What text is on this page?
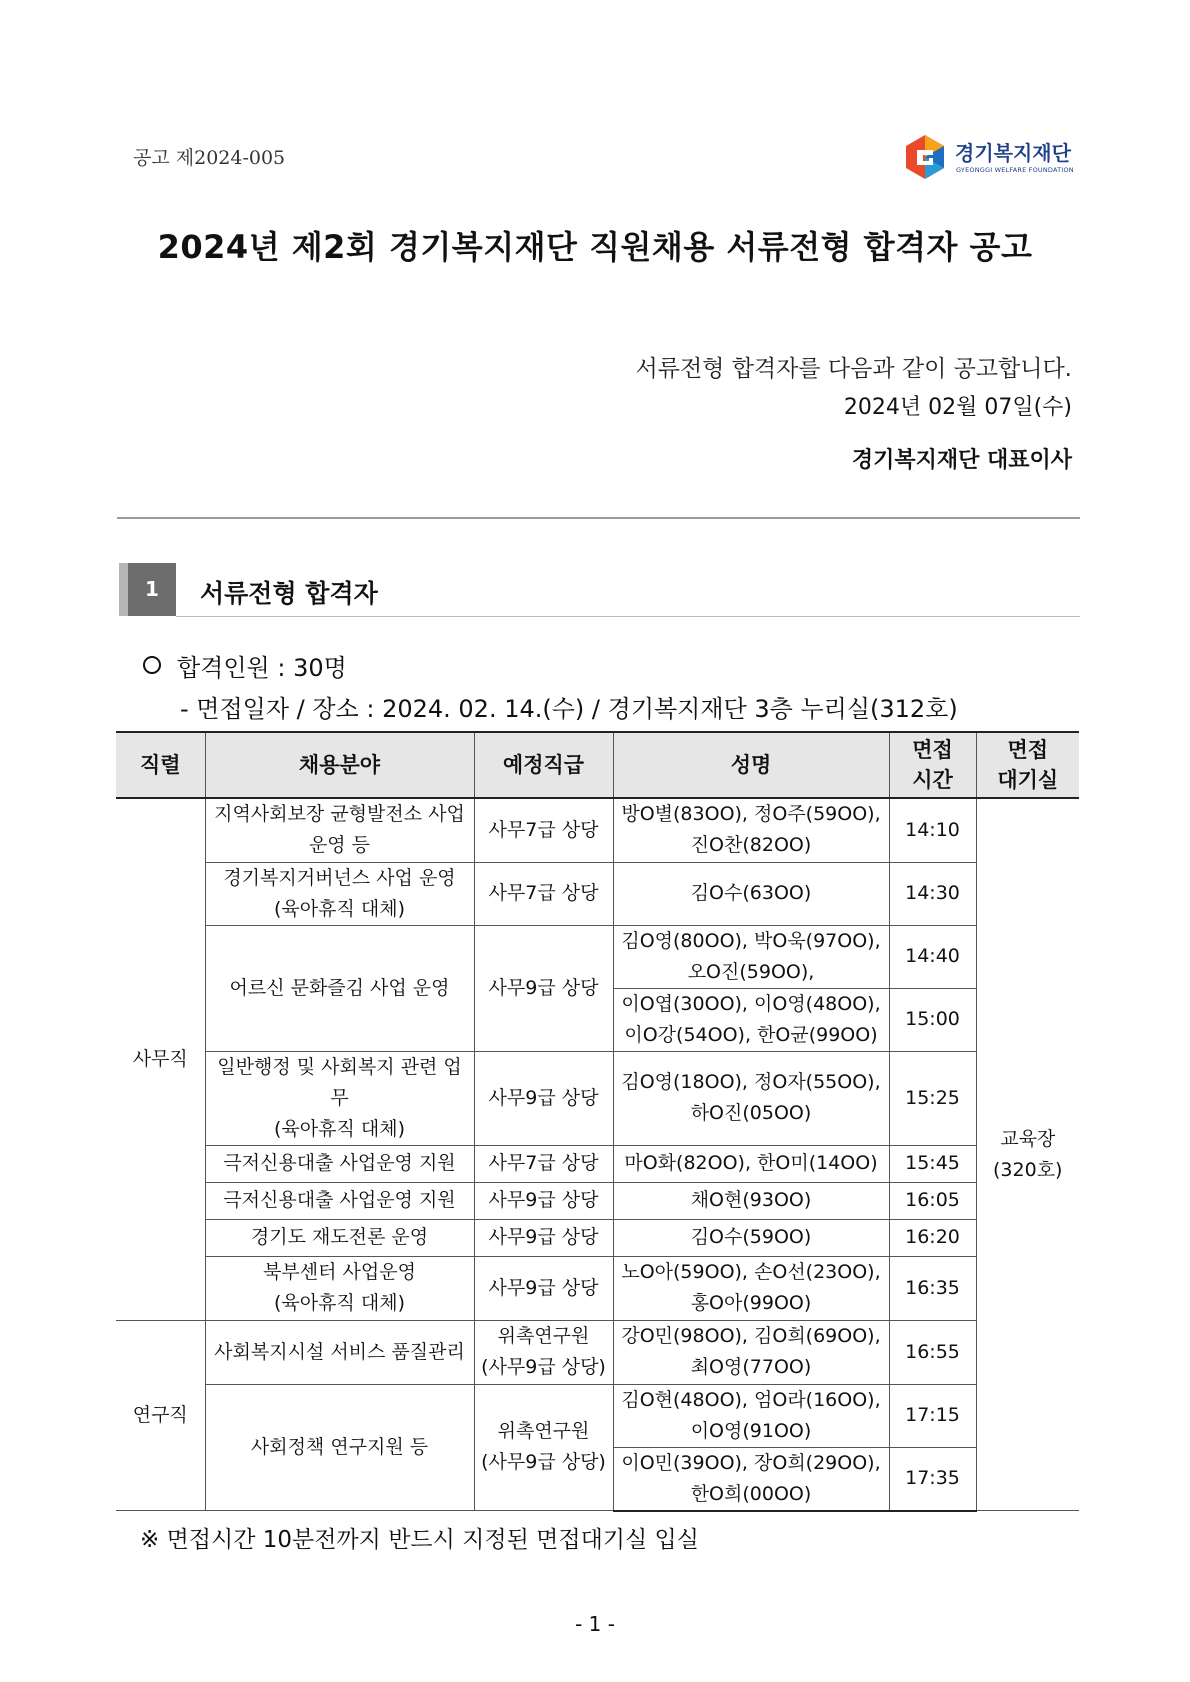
공고 제2024-005	경기복지재단
GYEONGGI WELFARE FOUNDATION
2024년 제2회 경기복지재단 직원채용 서류전형 합격자 공고
서류전형 합격자를 다음과 같이 공고합니다.
2024년 02월 07일(수)
경기복지재단 대표이사
1	서류전형 합격자
합격인원 : 30명
- 면접일자 / 장소 : 2024. 02. 14.(수) / 경기복지재단 3층 누리실(312호)
직렬	채용분야	예정직급	성명	면접
시간	면접
대기실
사무직	지역사회보장 균형발전소 사업
운영 등	사무7급 상당	방O별(83OO), 정O주(59OO),
진O찬(82OO)	14:10	교육장
(320호)
	경기복지거버넌스 사업 운영
(육아휴직 대체)	사무7급 상당	김O수(63OO)	14:30	
	어르신 문화즐김 사업 운영	사무9급 상당	김O영(80OO), 박O욱(97OO),
오O진(59OO),	14:40	
			이O엽(30OO), 이O영(48OO),
이O강(54OO), 한O균(99OO)	15:00	
	일반행정 및 사회복지 관련 업무
(육아휴직 대체)	사무9급 상당	김O영(18OO), 정O자(55OO),
하O진(05OO)	15:25	
	극저신용대출 사업운영 지원	사무7급 상당	마O화(82OO), 한O미(14OO)	15:45	
	극저신용대출 사업운영 지원	사무9급 상당	채O현(93OO)	16:05	
	경기도 재도전론 운영	사무9급 상당	김O수(59OO)	16:20	
	북부센터 사업운영
(육아휴직 대체)	사무9급 상당	노O아(59OO), 손O선(23OO),
홍O아(99OO)	16:35	
연구직	사회복지시설 서비스 품질관리	위촉연구원
(사무9급 상당)	강O민(98OO), 김O희(69OO),
최O영(77OO)	16:55	
	사회정책 연구지원 등	위촉연구원
(사무9급 상당)	김O현(48OO), 엄O라(16OO),
이O영(91OO)	17:15	
			이O민(39OO), 장O희(29OO),
한O희(00OO)	17:35	
※ 면접시간 10분전까지 반드시 지정된 면접대기실 입실
- 1 -
